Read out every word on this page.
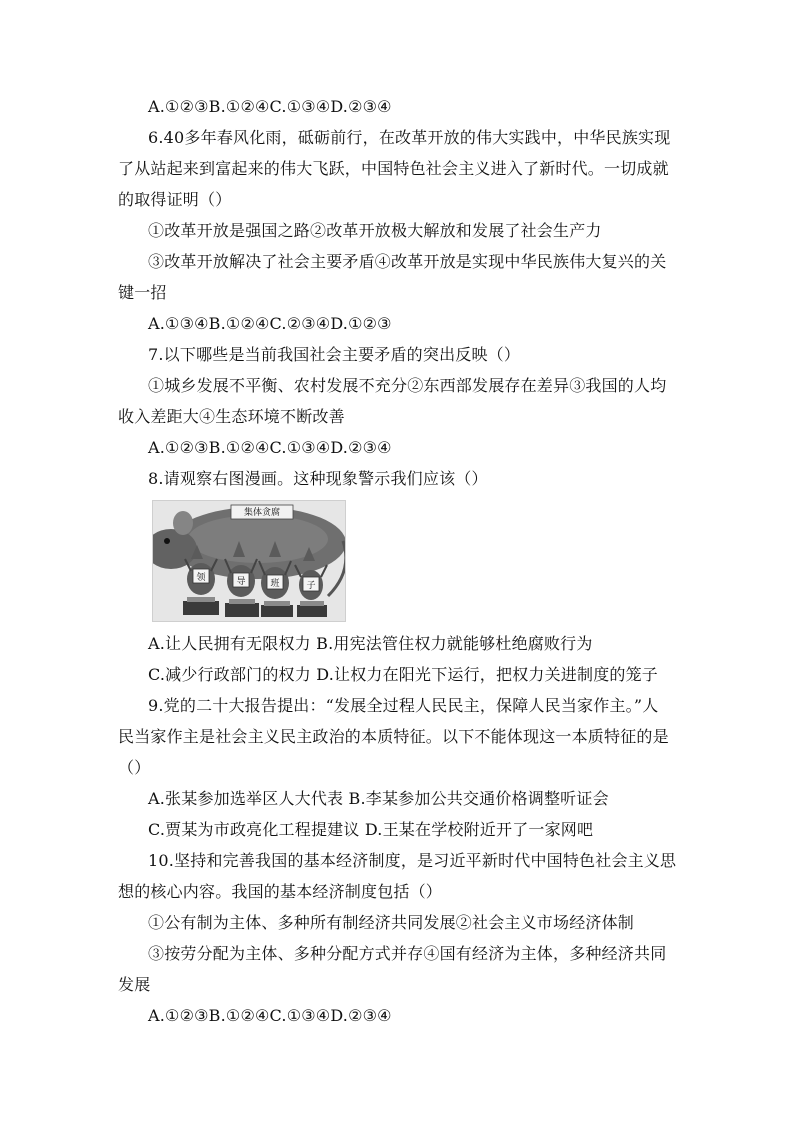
A.①②③B.①②④C.①③④D.②③④
6.40多年春风化雨，砥砺前行，在改革开放的伟大实践中，中华民族实现
了从站起来到富起来的伟大飞跃，中国特色社会主义进入了新时代。一切成就
的取得证明（）
①改革开放是强国之路②改革开放极大解放和发展了社会生产力
③改革开放解决了社会主要矛盾④改革开放是实现中华民族伟大复兴的关
键一招
A.①③④B.①②④C.②③④D.①②③
7.以下哪些是当前我国社会主要矛盾的突出反映（）
①城乡发展不平衡、农村发展不充分②东西部发展存在差异③我国的人均
收入差距大④生态环境不断改善
A.①②③B.①②④C.①③④D.②③④
8.请观察右图漫画。这种现象警示我们应该（）
集体贪腐
领	导	班	子
A.让人民拥有无限权力 B.用宪法管住权力就能够杜绝腐败行为
C.减少行政部门的权力 D.让权力在阳光下运行，把权力关进制度的笼子
9.党的二十大报告提出：“发展全过程人民民主，保障人民当家作主。”人
民当家作主是社会主义民主政治的本质特征。以下不能体现这一本质特征的是
（）
A.张某参加选举区人大代表 B.李某参加公共交通价格调整听证会
C.贾某为市政亮化工程提建议 D.王某在学校附近开了一家网吧
10.坚持和完善我国的基本经济制度，是习近平新时代中国特色社会主义思
想的核心内容。我国的基本经济制度包括（）
①公有制为主体、多种所有制经济共同发展②社会主义市场经济体制
③按劳分配为主体、多种分配方式并存④国有经济为主体，多种经济共同
发展
A.①②③B.①②④C.①③④D.②③④
